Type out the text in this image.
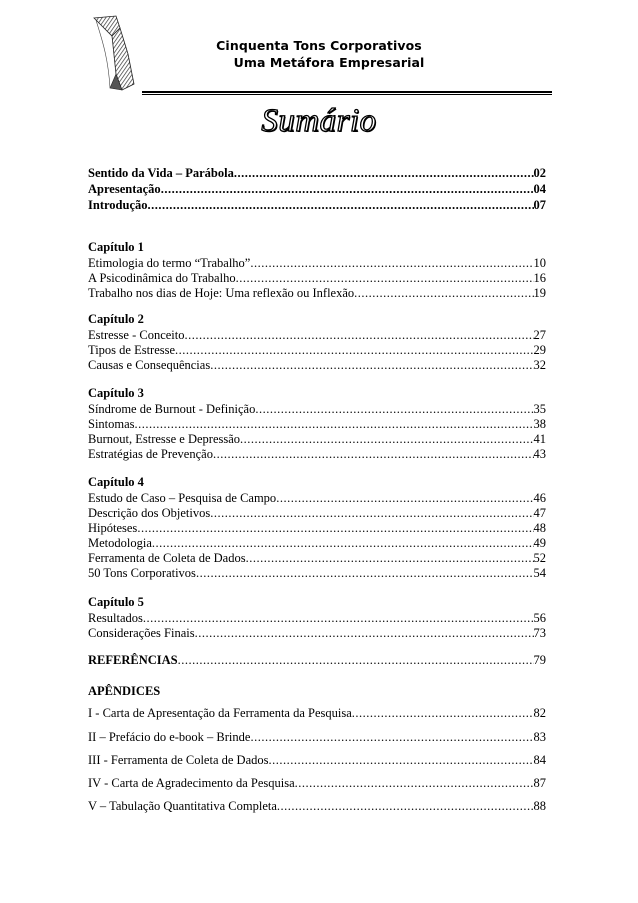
Cinquenta Tons Corporativos
Uma Metáfora Empresarial
Sumário
Sentido da Vida – Parábola .....	02
Apresentação .....	04
Introdução .....	07
Capítulo 1
Etimologia do termo “Trabalho” .....	10
A Psicodinâmica do Trabalho .....	16
Trabalho nos dias de Hoje: Uma reflexão ou Inflexão .....	19
Capítulo 2
Estresse - Conceito .....	27
Tipos de Estresse .....	29
Causas e Consequências .....	32
Capítulo 3
Síndrome de Burnout - Definição .....	35
Sintomas .....	38
Burnout, Estresse e Depressão .....	41
Estratégias de Prevenção .....	43
Capítulo 4
Estudo de Caso – Pesquisa de Campo .....	46
Descrição dos Objetivos .....	47
Hipóteses .....	48
Metodologia .....	49
Ferramenta de Coleta de Dados .....	52
50 Tons Corporativos .....	54
Capítulo 5
Resultados .....	56
Considerações Finais .....	73
REFERÊNCIAS .....	79
APÊNDICES
I - Carta de Apresentação da Ferramenta da Pesquisa .....	82
II – Prefácio do e-book – Brinde .....	83
III - Ferramenta de Coleta de Dados .....	84
IV - Carta de Agradecimento da Pesquisa .....	87
V – Tabulação Quantitativa Completa .....	88
